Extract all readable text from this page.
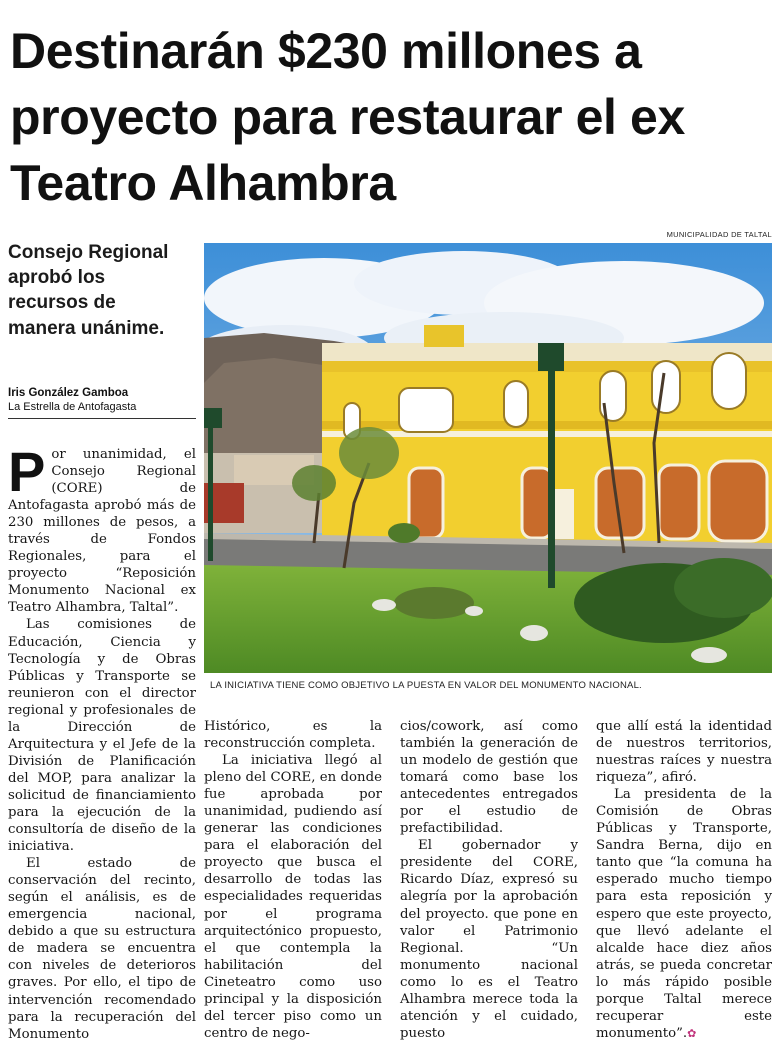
Destinarán $230 millones a proyecto para restaurar el ex Teatro Alhambra
MUNICIPALIDAD DE TALTAL
Consejo Regional aprobó los recursos de manera unánime.
Iris González Gamboa
La Estrella de Antofagasta
LA INICIATIVA TIENE COMO OBJETIVO LA PUESTA EN VALOR DEL MONUMENTO NACIONAL.

Por unanimidad, el Consejo Regional (CORE) de Antofagasta aprobó más de 230 millones de pesos, a través de Fondos Regionales, para el proyecto “Reposición Monumento Nacional ex Teatro Alhambra, Taltal”.

Las comisiones de Educación, Ciencia y Tecnología y de Obras Públicas y Transporte se reunieron con el director regional y profesionales de la Dirección de Arquitectura y el Jefe de la División de Planificación del MOP, para analizar la solicitud de financiamiento para la ejecución de la consultoría de diseño de la iniciativa.

El estado de conservación del recinto, según el análisis, es de emergencia nacional, debido a que su estructura de madera se encuentra con niveles de deterioros graves. Por ello, el tipo de intervención recomendado para la recuperación del Monumento

Histórico, es la reconstrucción completa.

La iniciativa llegó al pleno del CORE, en donde fue aprobada por unanimidad, pudiendo así generar las condiciones para el elaboración del proyecto que busca el desarrollo de todas las especialidades requeridas por el programa arquitectónico propuesto, el que contempla la habilitación del Cineteatro como uso principal y la disposición del tercer piso como un centro de nego-

cios/cowork, así como también la generación de un modelo de gestión que tomará como base los antecedentes entregados por el estudio de prefactibilidad.

El gobernador y presidente del CORE, Ricardo Díaz, expresó su alegría por la aprobación del proyecto. que pone en valor el Patrimonio Regional. “Un monumento nacional como lo es el Teatro Alhambra merece toda la atención y el cuidado, puesto

que allí está la identidad de nuestros territorios, nuestras raíces y nuestra riqueza”, afiró.

La presidenta de la Comisión de Obras Públicas y Transporte, Sandra Berna, dijo en tanto que “la comuna ha esperado mucho tiempo para esta reposición y espero que este proyecto, que llevó adelante el alcalde hace diez años atrás, se pueda concretar lo más rápido posible porque Taltal merece recuperar este monumento”.✿
